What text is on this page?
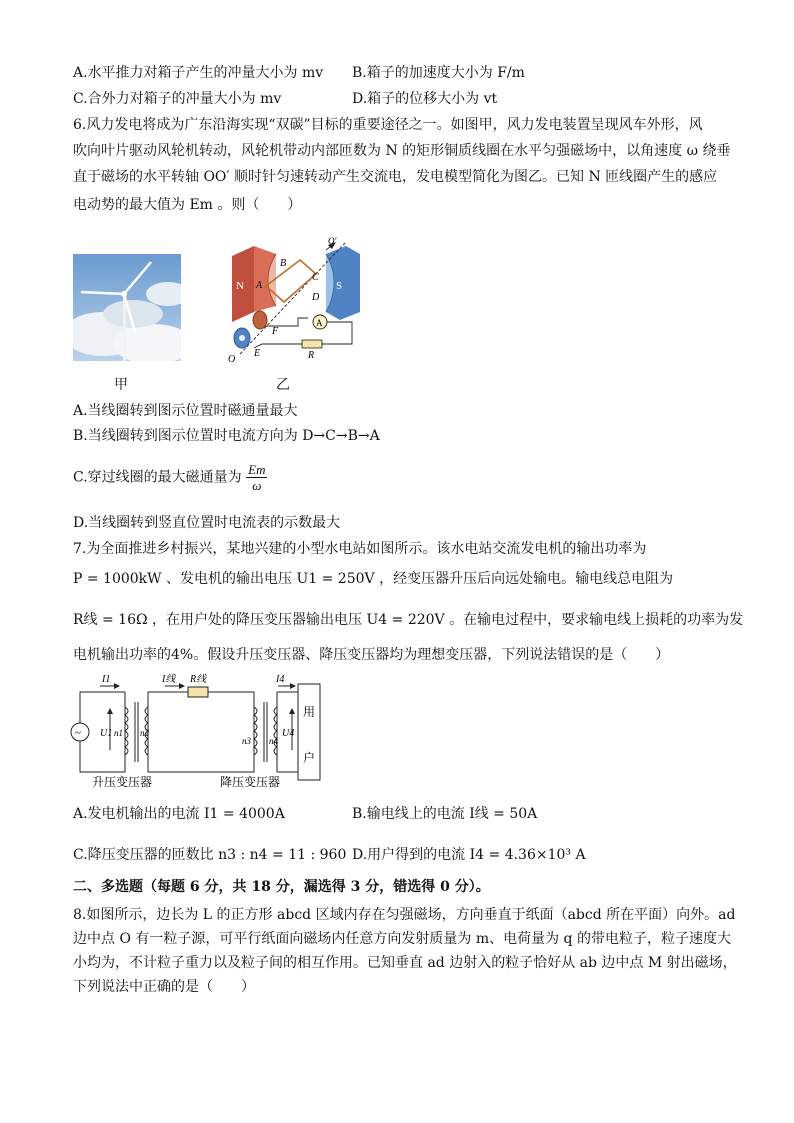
A.水平推力对箱子产生的冲量大小为 mv B.箱子的加速度大小为 F/m
C.合外力对箱子的冲量大小为 mv	D.箱子的位移大小为 vt
6.风力发电将成为广东沿海实现“双碳”目标的重要途径之一。如图甲，风力发电装置呈现风车外形，风
吹向叶片驱动风轮机转动，风轮机带动内部匝数为 N 的矩形铜质线圈在水平匀强磁场中，以角速度 ω 绕垂
直于磁场的水平转轴 OO′ 顺时针匀速转动产生交流电，发电模型简化为图乙。已知 N 匝线圈产生的感应
电动势的最大值为 Em 。则（　　）
N	S
O′
A
B
C
D
F
E
O
A
R
甲	乙
A.当线圈转到图示位置时磁通量最大
B.当线圈转到图示位置时电流方向为 D→C→B→A
C.穿过线圈的最大磁通量为 $\frac{Em}{\omega}$
D.当线圈转到竖直位置时电流表的示数最大
7.为全面推进乡村振兴，某地兴建的小型水电站如图所示。该水电站交流发电机的输出功率为
P = 1000kW 、发电机的输出电压 U1 = 250V ，经变压器升压后向远处输电。输电线总电阻为
R线 = 16Ω ，在用户处的降压变压器输出电压 U4 = 220V 。在输电过程中，要求输电线上损耗的功率为发
电机输出功率的4%。假设升压变压器、降压变压器均为理想变压器，下列说法错误的是（　　）
~
I1	I线 R线	I4
U1 n1 n2
n3 n4
U4
用
户
升压变压器	降压变压器
A.发电机输出的电流 I1 = 4000A	B.输电线上的电流 I线 = 50A
C.降压变压器的匝数比 n3 : n4 = 11 : 960 D.用户得到的电流 I4 = 4.36×10³ A
二、多选题（每题 6 分，共 18 分，漏选得 3 分，错选得 0 分）。
8.如图所示，边长为 L 的正方形 abcd 区域内存在匀强磁场，方向垂直于纸面（abcd 所在平面）向外。ad
边中点 O 有一粒子源，可平行纸面向磁场内任意方向发射质量为 m、电荷量为 q 的带电粒子，粒子速度大
小均为，不计粒子重力以及粒子间的相互作用。已知垂直 ad 边射入的粒子恰好从 ab 边中点 M 射出磁场，
下列说法中正确的是（　　）
